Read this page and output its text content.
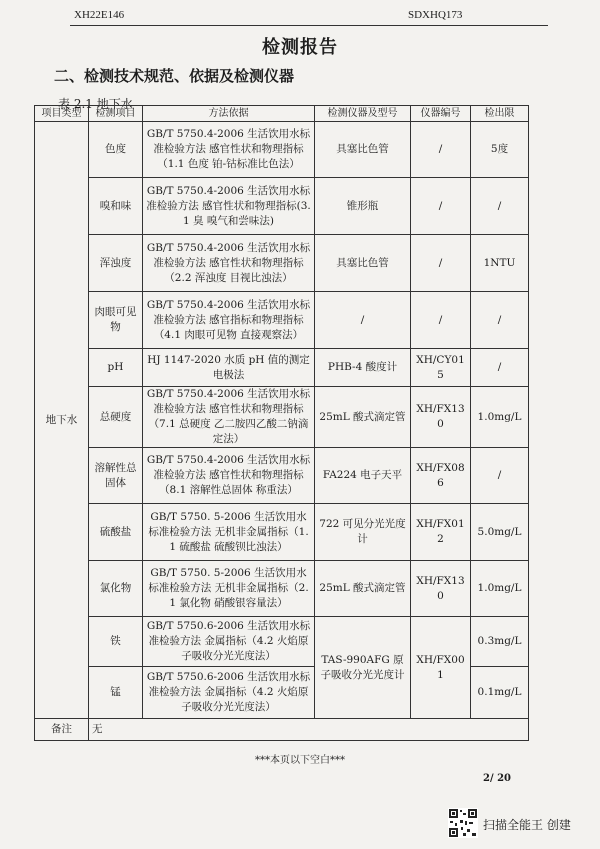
XH22E146	SDXHQ173
检测报告
二、检测技术规范、依据及检测仪器
表 2.1 地下水
项目类型	检测项目	方法依据	检测仪器及型号	仪器编号	检出限
地下水	色度	GB/T 5750.4-2006 生活饮用水标准检验方法 感官性状和物理指标（1.1 色度 铂-钴标准比色法）	具塞比色管	/	5度
	嗅和味	GB/T 5750.4-2006 生活饮用水标准检验方法 感官性状和物理指标(3.1 臭 嗅气和尝味法)	锥形瓶	/	/
	浑浊度	GB/T 5750.4-2006 生活饮用水标准检验方法 感官性状和物理指标（2.2 浑浊度 目视比浊法）	具塞比色管	/	1NTU
	肉眼可见物	GB/T 5750.4-2006 生活饮用水标准检验方法 感官指标和物理指标（4.1 肉眼可见物 直接观察法）	/	/	/
	pH	HJ 1147-2020 水质 pH 值的测定 电极法	PHB-4 酸度计	XH/CY015	/
	总硬度	GB/T 5750.4-2006 生活饮用水标准检验方法 感官性状和物理指标（7.1 总硬度 乙二胺四乙酸二钠滴定法）	25mL 酸式滴定管	XH/FX130	1.0mg/L
	溶解性总固体	GB/T 5750.4-2006 生活饮用水标准检验方法 感官性状和物理指标（8.1 溶解性总固体 称重法）	FA224 电子天平	XH/FX086	/
	硫酸盐	GB/T 5750. 5-2006 生活饮用水标准检验方法 无机非金属指标（1.1 硫酸盐 硫酸钡比浊法）	722 可见分光光度计	XH/FX012	5.0mg/L
	氯化物	GB/T 5750. 5-2006 生活饮用水标准检验方法 无机非金属指标（2.1 氯化物 硝酸银容量法）	25mL 酸式滴定管	XH/FX130	1.0mg/L
	铁	GB/T 5750.6-2006 生活饮用水标准检验方法 金属指标（4.2 火焰原子吸收分光光度法）	TAS-990AFG 原子吸收分光光度计	XH/FX001	0.3mg/L
	锰	GB/T 5750.6-2006 生活饮用水标准检验方法 金属指标（4.2 火焰原子吸收分光光度法）			0.1mg/L
备注	无				
***本页以下空白***
2/ 20
扫描全能王 创建
